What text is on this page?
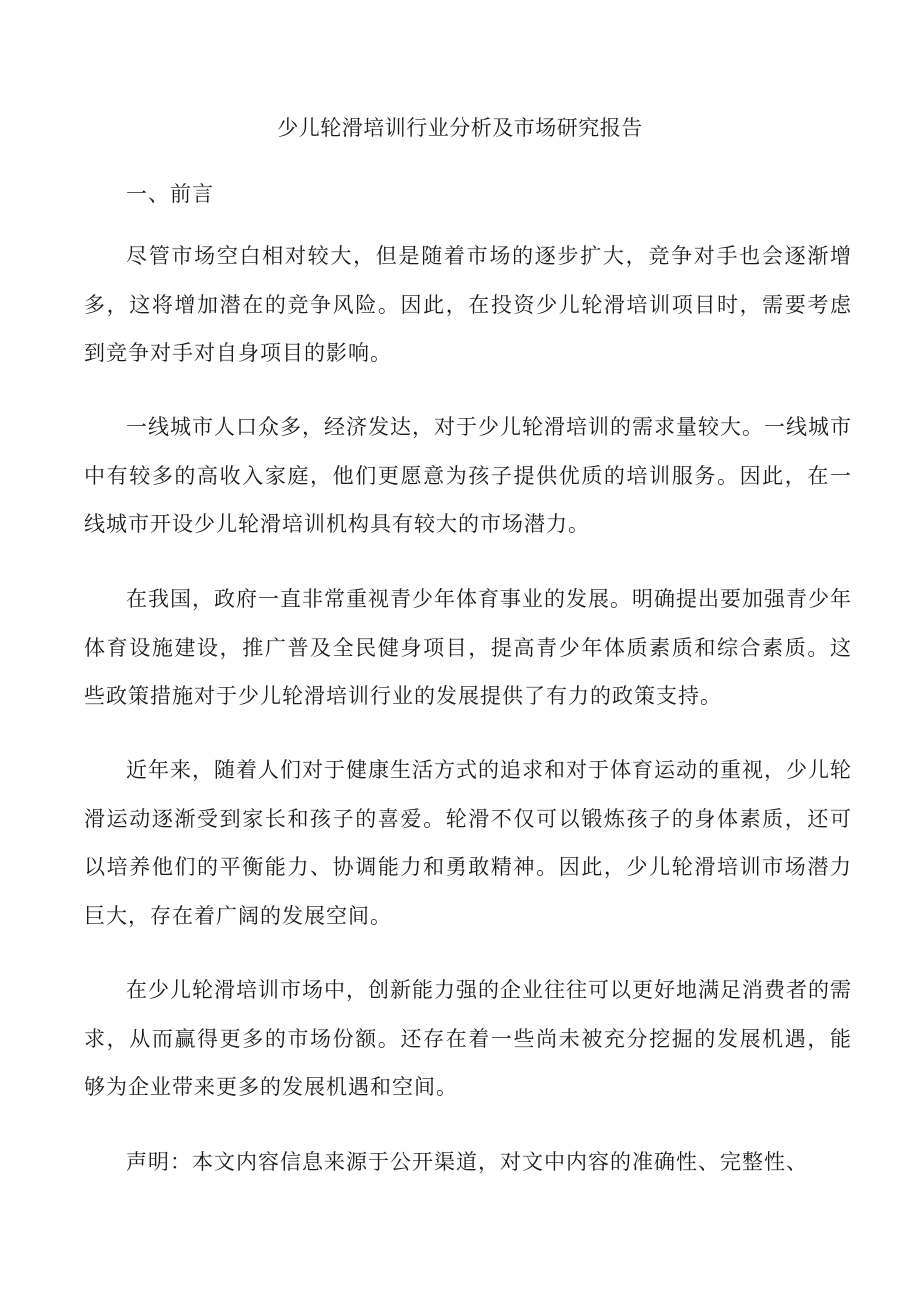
少儿轮滑培训行业分析及市场研究报告
一、前言

尽管市场空白相对较大，但是随着市场的逐步扩大，竞争对手也会逐渐增多，这将增加潜在的竞争风险。因此，在投资少儿轮滑培训项目时，需要考虑到竞争对手对自身项目的影响。

一线城市人口众多，经济发达，对于少儿轮滑培训的需求量较大。一线城市中有较多的高收入家庭，他们更愿意为孩子提供优质的培训服务。因此，在一线城市开设少儿轮滑培训机构具有较大的市场潜力。

在我国，政府一直非常重视青少年体育事业的发展。明确提出要加强青少年体育设施建设，推广普及全民健身项目，提高青少年体质素质和综合素质。这些政策措施对于少儿轮滑培训行业的发展提供了有力的政策支持。

近年来，随着人们对于健康生活方式的追求和对于体育运动的重视，少儿轮滑运动逐渐受到家长和孩子的喜爱。轮滑不仅可以锻炼孩子的身体素质，还可以培养他们的平衡能力、协调能力和勇敢精神。因此，少儿轮滑培训市场潜力巨大，存在着广阔的发展空间。

在少儿轮滑培训市场中，创新能力强的企业往往可以更好地满足消费者的需求，从而赢得更多的市场份额。还存在着一些尚未被充分挖掘的发展机遇，能够为企业带来更多的发展机遇和空间。

声明：本文内容信息来源于公开渠道，对文中内容的准确性、完整性、
